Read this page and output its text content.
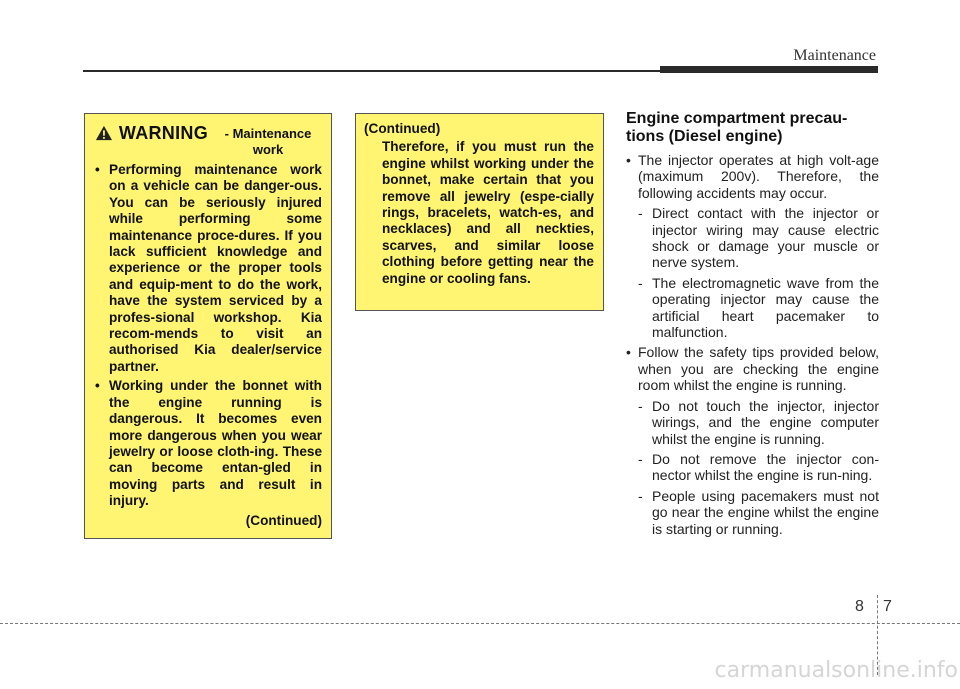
Maintenance
WARNING	- Maintenance work
• Performing maintenance work on a vehicle can be danger-ous. You can be seriously injured while performing some maintenance proce-dures. If you lack sufficient knowledge and experience or the proper tools and equip-ment to do the work, have the system serviced by a profes-sional workshop. Kia recom-mends to visit an authorised Kia dealer/service partner.
• Working under the bonnet with the engine running is dangerous. It becomes even more dangerous when you wear jewelry or loose cloth-ing. These can become entan-gled in moving parts and result in injury.
(Continued)
(Continued)
Therefore, if you must run the engine whilst working under the bonnet, make certain that you remove all jewelry (espe-cially rings, bracelets, watch-es, and necklaces) and all neckties, scarves, and similar loose clothing before getting near the engine or cooling fans.
Engine compartment precau-tions (Diesel engine)
• The injector operates at high volt-age (maximum 200v). Therefore, the following accidents may occur.
- Direct contact with the injector or injector wiring may cause electric shock or damage your muscle or nerve system.
- The electromagnetic wave from the operating injector may cause the artificial heart pacemaker to malfunction.
• Follow the safety tips provided below, when you are checking the engine room whilst the engine is running.
- Do not touch the injector, injector wirings, and the engine computer whilst the engine is running.
- Do not remove the injector con-nector whilst the engine is run-ning.
- People using pacemakers must not go near the engine whilst the engine is starting or running.
8 7
carmanualsonline.info
